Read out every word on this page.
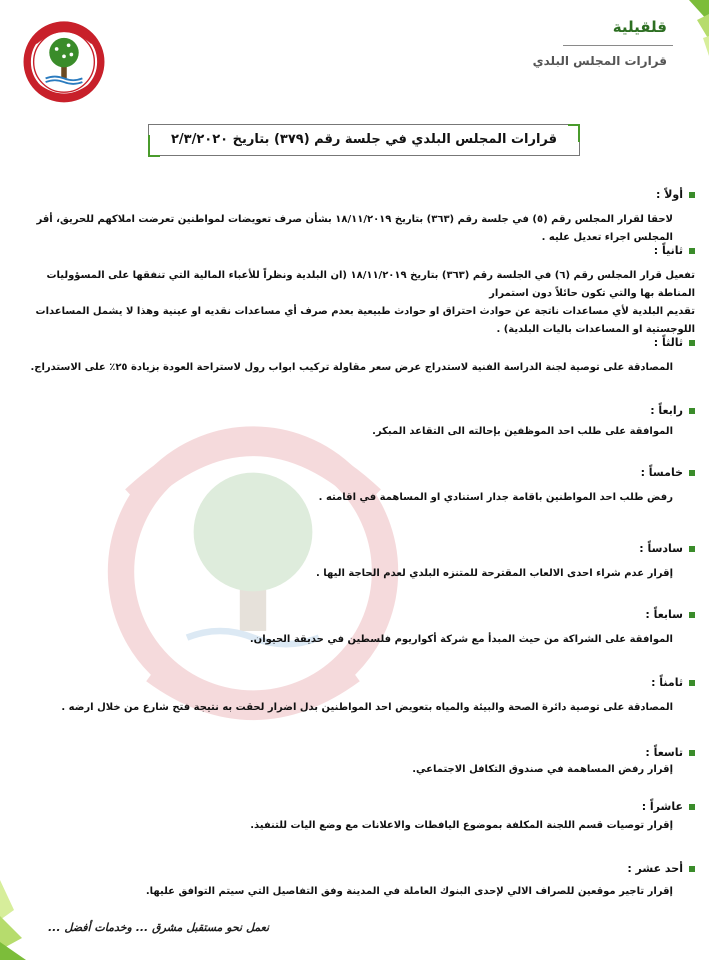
قلقيلية
قرارات المجلس البلدي
قرارات المجلس البلدي في جلسة رقم (٣٧٩) بتاريخ ٢/٣/٢٠٢٠
أولاً :
لاحقا لقرار المجلس رقم (٥) في جلسة رقم (٣٦٣) بتاريخ ١٨/١١/٢٠١٩ بشأن صرف تعويضات لمواطنين تعرضت املاكهم للحريق، أقر المجلس اجراء تعديل عليه .
ثانياً :
تفعيل قرار المجلس رقم (٦) في الجلسة رقم (٣٦٣) بتاريخ ١٨/١١/٢٠١٩ (ان البلدية ونظراً للأعباء المالية التي تنفقها على المسؤوليات المناطة بها والتي تكون حائلاً دون استمرار
تقديم البلدية لأي مساعدات ناتجة عن حوادث احتراق او حوادث طبيعية بعدم صرف أي مساعدات نقديه او عينية وهذا لا يشمل المساعدات اللوجستية او المساعدات باليات البلدية) .
ثالثاً :
المصادقة على توصية لجنة الدراسة الفنية لاستدراج عرض سعر مقاولة تركيب ابواب رول لاستراحة العودة بزيادة ٢٥٪ على الاستدراج.
رابعاً :
الموافقة على طلب احد الموظفين بإحالته الى التقاعد المبكر.
خامساً :
رفض طلب احد المواطنين باقامة جدار استنادي او المساهمة في اقامته .
سادساً :
إقرار عدم شراء احدى الالعاب المقترحة للمتنزه البلدي لعدم الحاجة اليها .
سابعاً :
الموافقة على الشراكة من حيث المبدأ مع شركة أكواريوم فلسطين في حديقة الحيوان.
ثامناً :
المصادقة على توصية دائرة الصحة والبيئة والمياه بتعويض احد المواطنين بدل اضرار لحقت به نتيجة فتح شارع من خلال ارضه .
تاسعاً :
إقرار رفض المساهمة في صندوق التكافل الاجتماعي.
عاشراً :
إقرار توصيات قسم اللجنة المكلفة بموضوع اليافطات والاعلانات مع وضع اليات للتنفيذ.
أحد عشر :
إقرار تاجير موقعين للصراف الالي لإحدى البنوك العاملة في المدينة وفق التفاصيل التي سيتم التوافق عليها.
نعمل نحو مستقبل مشرق ... وخدمات أفضل ...
